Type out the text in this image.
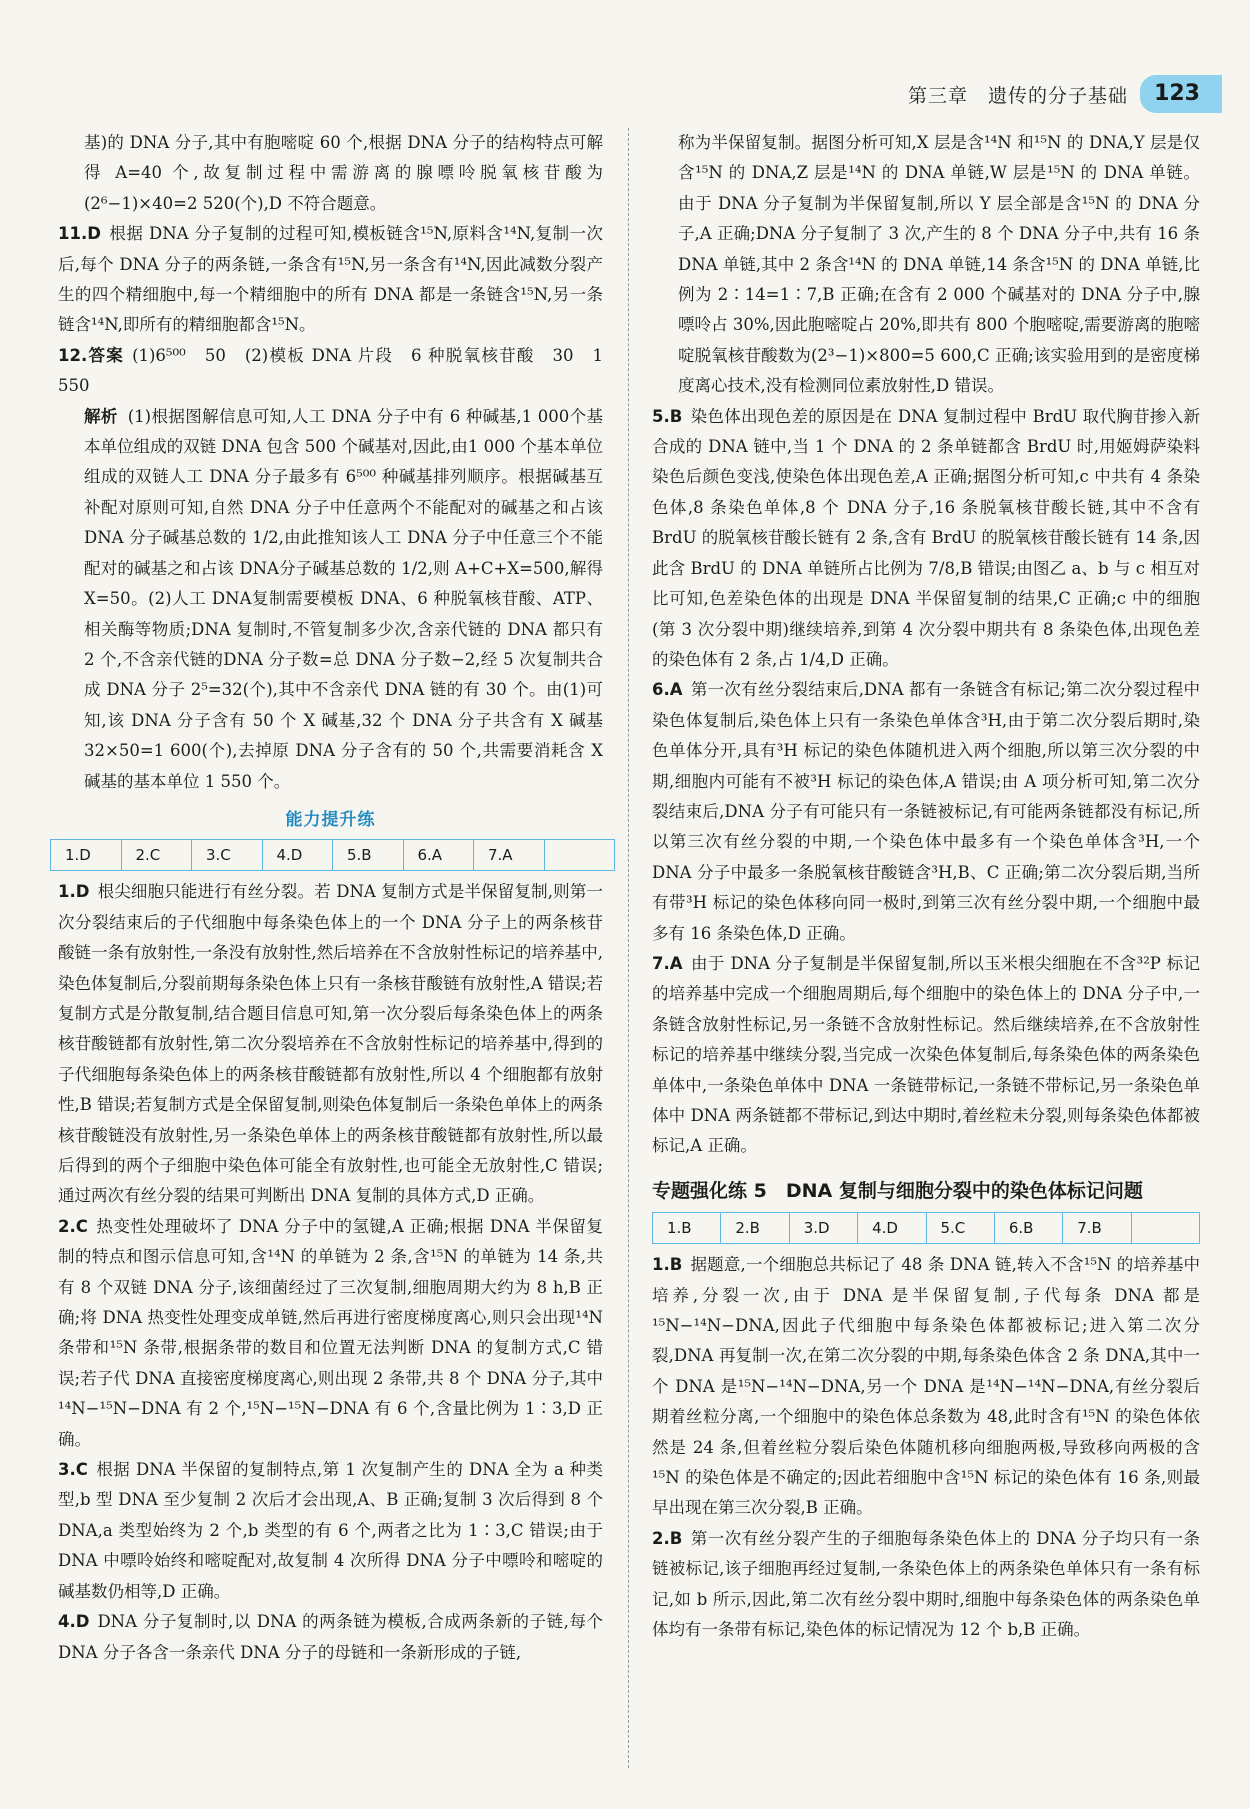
第三章　遗传的分子基础	123

基)的 DNA 分子,其中有胞嘧啶 60 个,根据 DNA 分子的结构特点可解得 A=40 个,故复制过程中需游离的腺嘌呤脱氧核苷酸为(2⁶−1)×40=2 520(个),D 不符合题意。

11.D 根据 DNA 分子复制的过程可知,模板链含¹⁵N,原料含¹⁴N,复制一次后,每个 DNA 分子的两条链,一条含有¹⁵N,另一条含有¹⁴N,因此减数分裂产生的四个精细胞中,每一个精细胞中的所有 DNA 都是一条链含¹⁵N,另一条链含¹⁴N,即所有的精细胞都含¹⁵N。

12.答案 (1)6⁵⁰⁰　50　(2)模板 DNA 片段　6 种脱氧核苷酸　30　1 550

解析 (1)根据图解信息可知,人工 DNA 分子中有 6 种碱基,1 000个基本单位组成的双链 DNA 包含 500 个碱基对,因此,由1 000 个基本单位组成的双链人工 DNA 分子最多有 6⁵⁰⁰ 种碱基排列顺序。根据碱基互补配对原则可知,自然 DNA 分子中任意两个不能配对的碱基之和占该 DNA 分子碱基总数的 1/2,由此推知该人工 DNA 分子中任意三个不能配对的碱基之和占该 DNA分子碱基总数的 1/2,则 A+C+X=500,解得 X=50。(2)人工 DNA复制需要模板 DNA、6 种脱氧核苷酸、ATP、相关酶等物质;DNA 复制时,不管复制多少次,含亲代链的 DNA 都只有 2 个,不含亲代链的DNA 分子数=总 DNA 分子数−2,经 5 次复制共合成 DNA 分子 2⁵=32(个),其中不含亲代 DNA 链的有 30 个。由(1)可知,该 DNA 分子含有 50 个 X 碱基,32 个 DNA 分子共含有 X 碱基 32×50=1 600(个),去掉原 DNA 分子含有的 50 个,共需要消耗含 X 碱基的基本单位 1 550 个。

能力提升练
1.D	2.C	3.C	4.D	5.B	6.A	7.A

1.D 根尖细胞只能进行有丝分裂。若 DNA 复制方式是半保留复制,则第一次分裂结束后的子代细胞中每条染色体上的一个 DNA 分子上的两条核苷酸链一条有放射性,一条没有放射性,然后培养在不含放射性标记的培养基中,染色体复制后,分裂前期每条染色体上只有一条核苷酸链有放射性,A 错误;若复制方式是分散复制,结合题目信息可知,第一次分裂后每条染色体上的两条核苷酸链都有放射性,第二次分裂培养在不含放射性标记的培养基中,得到的子代细胞每条染色体上的两条核苷酸链都有放射性,所以 4 个细胞都有放射性,B 错误;若复制方式是全保留复制,则染色体复制后一条染色单体上的两条核苷酸链没有放射性,另一条染色单体上的两条核苷酸链都有放射性,所以最后得到的两个子细胞中染色体可能全有放射性,也可能全无放射性,C 错误;通过两次有丝分裂的结果可判断出 DNA 复制的具体方式,D 正确。

2.C 热变性处理破坏了 DNA 分子中的氢键,A 正确;根据 DNA 半保留复制的特点和图示信息可知,含¹⁴N 的单链为 2 条,含¹⁵N 的单链为 14 条,共有 8 个双链 DNA 分子,该细菌经过了三次复制,细胞周期大约为 8 h,B 正确;将 DNA 热变性处理变成单链,然后再进行密度梯度离心,则只会出现¹⁴N 条带和¹⁵N 条带,根据条带的数目和位置无法判断 DNA 的复制方式,C 错误;若子代 DNA 直接密度梯度离心,则出现 2 条带,共 8 个 DNA 分子,其中¹⁴N−¹⁵N−DNA 有 2 个,¹⁵N−¹⁵N−DNA 有 6 个,含量比例为 1∶3,D 正确。

3.C 根据 DNA 半保留的复制特点,第 1 次复制产生的 DNA 全为 a 种类型,b 型 DNA 至少复制 2 次后才会出现,A、B 正确;复制 3 次后得到 8 个 DNA,a 类型始终为 2 个,b 类型的有 6 个,两者之比为 1∶3,C 错误;由于 DNA 中嘌呤始终和嘧啶配对,故复制 4 次所得 DNA 分子中嘌呤和嘧啶的碱基数仍相等,D 正确。

4.D DNA 分子复制时,以 DNA 的两条链为模板,合成两条新的子链,每个 DNA 分子各含一条亲代 DNA 分子的母链和一条新形成的子链,

称为半保留复制。据图分析可知,X 层是含¹⁴N 和¹⁵N 的 DNA,Y 层是仅含¹⁵N 的 DNA,Z 层是¹⁴N 的 DNA 单链,W 层是¹⁵N 的 DNA 单链。由于 DNA 分子复制为半保留复制,所以 Y 层全部是含¹⁵N 的 DNA 分子,A 正确;DNA 分子复制了 3 次,产生的 8 个 DNA 分子中,共有 16 条 DNA 单链,其中 2 条含¹⁴N 的 DNA 单链,14 条含¹⁵N 的 DNA 单链,比例为 2∶14=1∶7,B 正确;在含有 2 000 个碱基对的 DNA 分子中,腺嘌呤占 30%,因此胞嘧啶占 20%,即共有 800 个胞嘧啶,需要游离的胞嘧啶脱氧核苷酸数为(2³−1)×800=5 600,C 正确;该实验用到的是密度梯度离心技术,没有检测同位素放射性,D 错误。

5.B 染色体出现色差的原因是在 DNA 复制过程中 BrdU 取代胸苷掺入新合成的 DNA 链中,当 1 个 DNA 的 2 条单链都含 BrdU 时,用姬姆萨染料染色后颜色变浅,使染色体出现色差,A 正确;据图分析可知,c 中共有 4 条染色体,8 条染色单体,8 个 DNA 分子,16 条脱氧核苷酸长链,其中不含有 BrdU 的脱氧核苷酸长链有 2 条,含有 BrdU 的脱氧核苷酸长链有 14 条,因此含 BrdU 的 DNA 单链所占比例为 7/8,B 错误;由图乙 a、b 与 c 相互对比可知,色差染色体的出现是 DNA 半保留复制的结果,C 正确;c 中的细胞(第 3 次分裂中期)继续培养,到第 4 次分裂中期共有 8 条染色体,出现色差的染色体有 2 条,占 1/4,D 正确。

6.A 第一次有丝分裂结束后,DNA 都有一条链含有标记;第二次分裂过程中染色体复制后,染色体上只有一条染色单体含³H,由于第二次分裂后期时,染色单体分开,具有³H 标记的染色体随机进入两个细胞,所以第三次分裂的中期,细胞内可能有不被³H 标记的染色体,A 错误;由 A 项分析可知,第二次分裂结束后,DNA 分子有可能只有一条链被标记,有可能两条链都没有标记,所以第三次有丝分裂的中期,一个染色体中最多有一个染色单体含³H,一个 DNA 分子中最多一条脱氧核苷酸链含³H,B、C 正确;第二次分裂后期,当所有带³H 标记的染色体移向同一极时,到第三次有丝分裂中期,一个细胞中最多有 16 条染色体,D 正确。

7.A 由于 DNA 分子复制是半保留复制,所以玉米根尖细胞在不含³²P 标记的培养基中完成一个细胞周期后,每个细胞中的染色体上的 DNA 分子中,一条链含放射性标记,另一条链不含放射性标记。然后继续培养,在不含放射性标记的培养基中继续分裂,当完成一次染色体复制后,每条染色体的两条染色单体中,一条染色单体中 DNA 一条链带标记,一条链不带标记,另一条染色单体中 DNA 两条链都不带标记,到达中期时,着丝粒未分裂,则每条染色体都被标记,A 正确。

专题强化练 5　DNA 复制与细胞分裂中的染色体标记问题
1.B	2.B	3.D	4.D	5.C	6.B	7.B

1.B 据题意,一个细胞总共标记了 48 条 DNA 链,转入不含¹⁵N 的培养基中培养,分裂一次,由于 DNA 是半保留复制,子代每条 DNA 都是¹⁵N−¹⁴N−DNA,因此子代细胞中每条染色体都被标记;进入第二次分裂,DNA 再复制一次,在第二次分裂的中期,每条染色体含 2 条 DNA,其中一个 DNA 是¹⁵N−¹⁴N−DNA,另一个 DNA 是¹⁴N−¹⁴N−DNA,有丝分裂后期着丝粒分离,一个细胞中的染色体总条数为 48,此时含有¹⁵N 的染色体依然是 24 条,但着丝粒分裂后染色体随机移向细胞两极,导致移向两极的含¹⁵N 的染色体是不确定的;因此若细胞中含¹⁵N 标记的染色体有 16 条,则最早出现在第三次分裂,B 正确。

2.B 第一次有丝分裂产生的子细胞每条染色体上的 DNA 分子均只有一条链被标记,该子细胞再经过复制,一条染色体上的两条染色单体只有一条有标记,如 b 所示,因此,第二次有丝分裂中期时,细胞中每条染色体的两条染色单体均有一条带有标记,染色体的标记情况为 12 个 b,B 正确。
